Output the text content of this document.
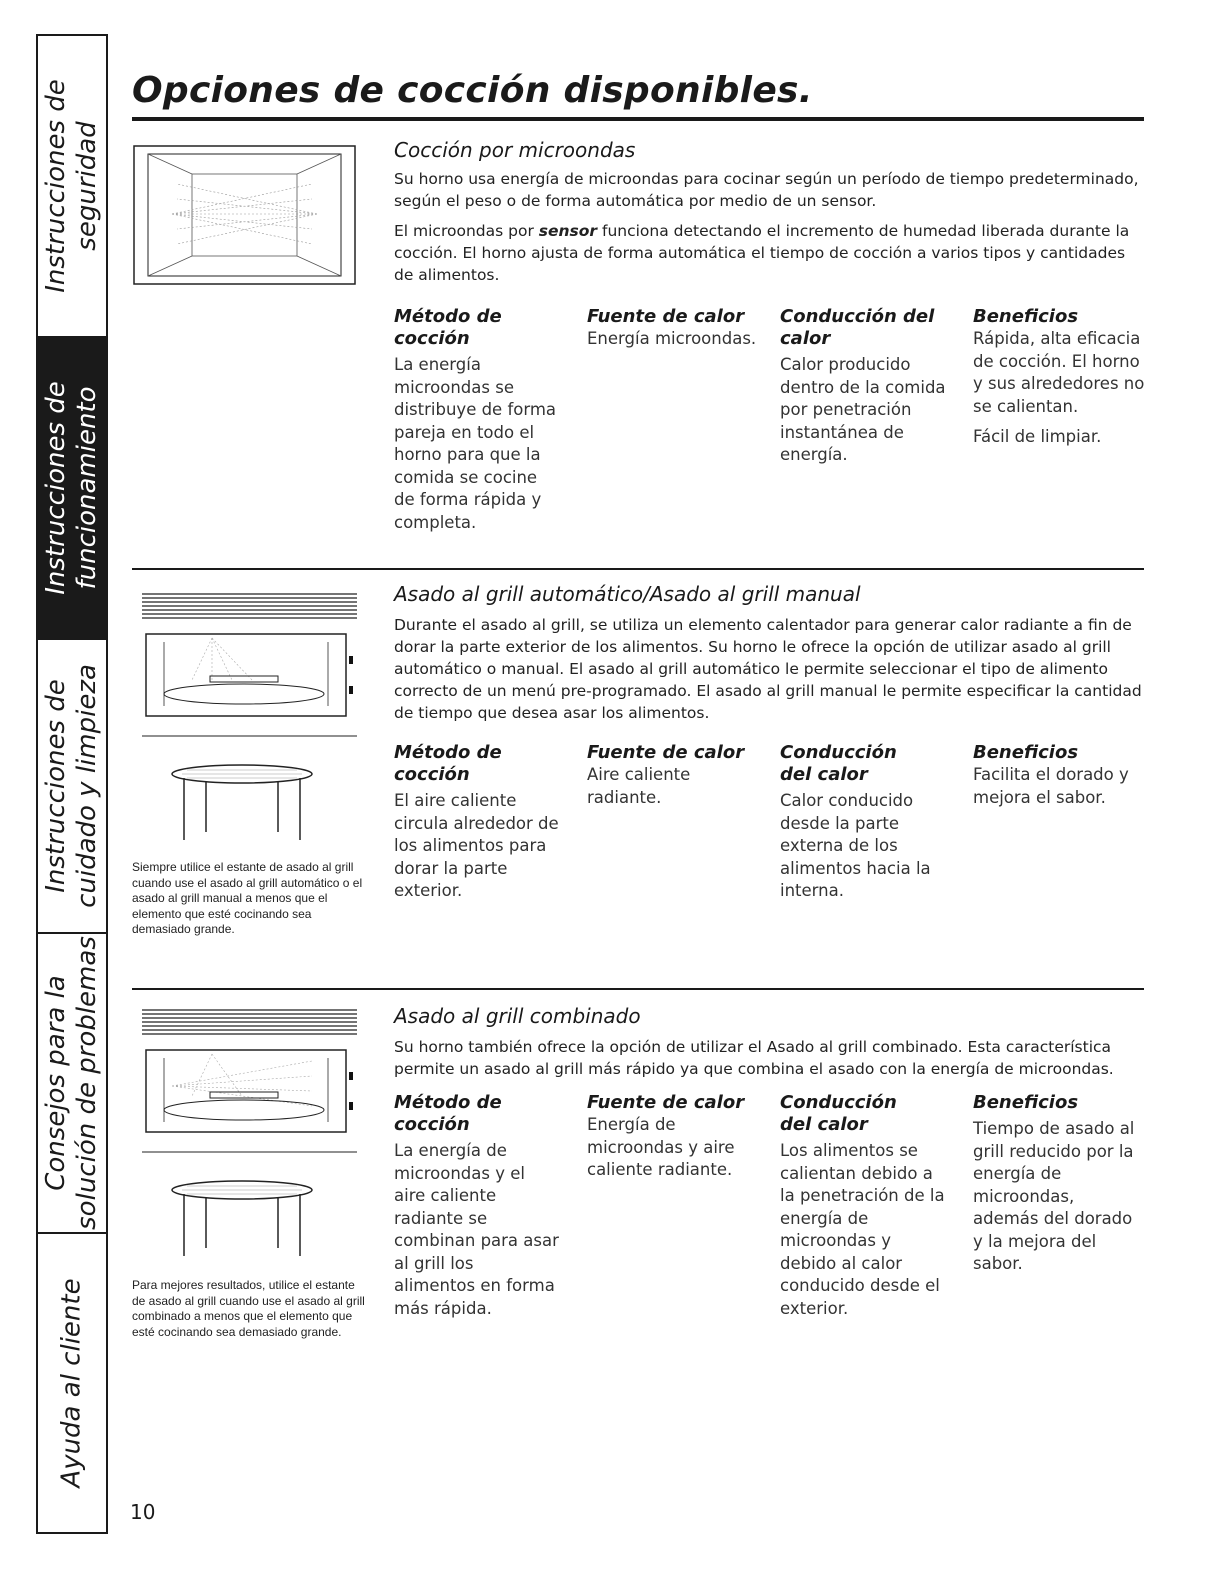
Instrucciones de seguridad
Instrucciones de funcionamiento
Instrucciones de cuidado y limpieza
Consejos para la solución de problemas
Ayuda al cliente
Opciones de cocción disponibles.
Cocción por microondas

Su horno usa energía de microondas para cocinar según un período de tiempo predeterminado, según el peso o de forma automática por medio de un sensor.

El microondas por sensor funciona detectando el incremento de humedad liberada durante la cocción. El horno ajusta de forma automática el tiempo de cocción a varios tipos y cantidades de alimentos.

Método de cocción

La energía microondas se distribuye de forma pareja en todo el horno para que la comida se cocine de forma rápida y completa.

Fuente de calor

Energía microondas.

Conducción del calor

Calor producido dentro de la comida por penetración instantánea de energía.

Beneficios

Rápida, alta eficacia de cocción. El horno y sus alrededores no se calientan.

Fácil de limpiar.

Siempre utilice el estante de asado al grill cuando use el asado al grill automático o el asado al grill manual a menos que el elemento que esté cocinando sea demasiado grande.
Asado al grill automático/Asado al grill manual

Durante el asado al grill, se utiliza un elemento calentador para generar calor radiante a fin de dorar la parte exterior de los alimentos. Su horno le ofrece la opción de utilizar asado al grill automático o manual. El asado al grill automático le permite seleccionar el tipo de alimento correcto de un menú pre-programado. El asado al grill manual le permite especificar la cantidad de tiempo que desea asar los alimentos.

Método de cocción

El aire caliente circula alrededor de los alimentos para dorar la parte exterior.

Fuente de calor

Aire caliente radiante.

Conducción del calor

Calor conducido desde la parte externa de los alimentos hacia la interna.

Beneficios

Facilita el dorado y mejora el sabor.

Para mejores resultados, utilice el estante de asado al grill cuando use el asado al grill combinado a menos que el elemento que esté cocinando sea demasiado grande.
Asado al grill combinado

Su horno también ofrece la opción de utilizar el Asado al grill combinado. Esta característica permite un asado al grill más rápido ya que combina el asado con la energía de microondas.

Método de cocción

La energía de microondas y el aire caliente radiante se combinan para asar al grill los alimentos en forma más rápida.

Fuente de calor

Energía de microondas y aire caliente radiante.

Conducción del calor

Los alimentos se calientan debido a la penetración de la energía de microondas y debido al calor conducido desde el exterior.

Beneficios

Tiempo de asado al grill reducido por la energía de microondas, además del dorado y la mejora del sabor.

10
